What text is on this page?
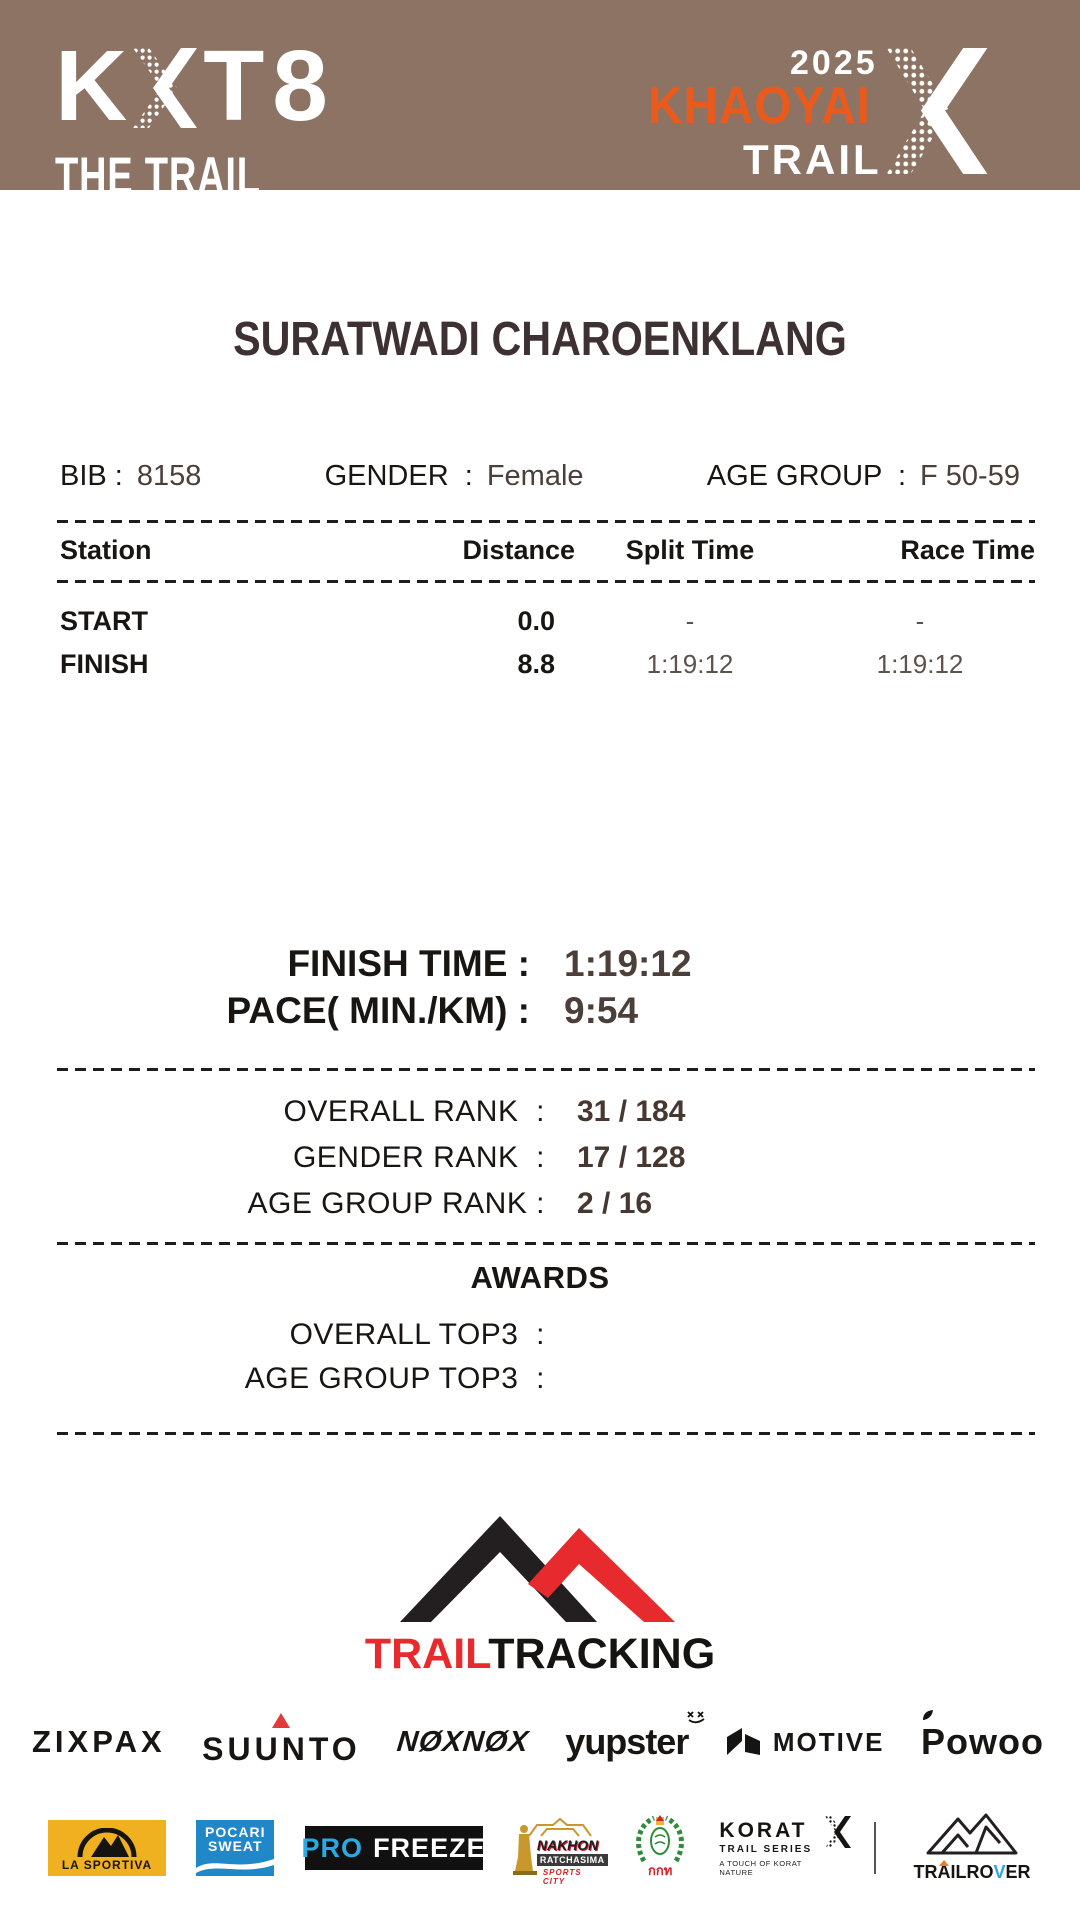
K T8
THE TRAIL
2025
KHAOYAI
TRAIL
SURATWADI CHAROENKLANG
BIB : 8158	GENDER  : Female	AGE GROUP  : F 50-59
Station	Distance	Split Time	Race Time
START	0.0	-	-
FINISH	8.8	1:19:12	1:19:12
FINISH TIME : 1:19:12
PACE( MIN./KM) : 9:54
OVERALL RANK  :	31 / 184
GENDER RANK  :	17 / 128
AGE GROUP RANK :	2 / 16
AWARDS
OVERALL TOP3  :
AGE GROUP TOP3  :
TRAILTRACKING
ZIXPAX SUUNTO NØXNØX yupster	MOTIVE Powoo
LA SPORTIVA
POCARI
SWEAT	PRO FREEZE	NAKHON
RATCHASIMA
SPORTS CITY
กกท
KORAT
TRAIL SERIES
A TOUCH OF KORAT NATURE	TRAILROVER
